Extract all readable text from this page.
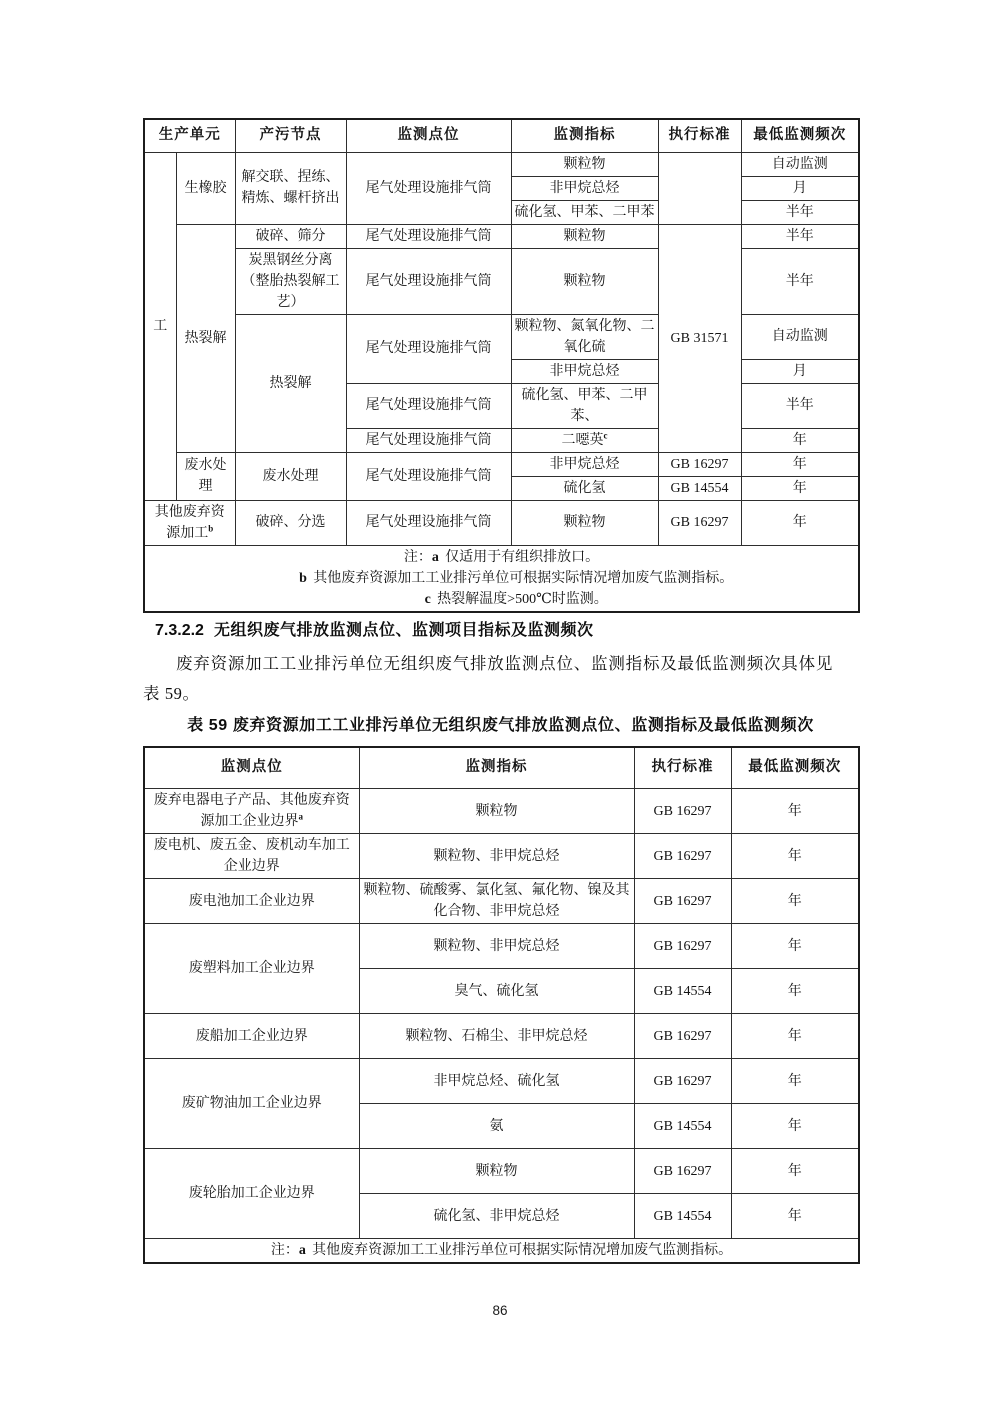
生产单元		产污节点	监测点位	监测指标	执行标准	最低监测频次
工	生橡胶	解交联、捏练、精炼、螺杆挤出	尾气处理设施排气筒	颗粒物		自动监测
				非甲烷总烃		月
				硫化氢、甲苯、二甲苯		半年
	热裂解	破碎、筛分	尾气处理设施排气筒	颗粒物	GB 31571	半年
		炭黑钢丝分离（整胎热裂解工艺）	尾气处理设施排气筒	颗粒物		半年
		热裂解	尾气处理设施排气筒	颗粒物、氮氧化物、二氧化硫		自动监测
				非甲烷总烃		月
			尾气处理设施排气筒	硫化氢、甲苯、二甲苯、		半年
			尾气处理设施排气筒	二噁英$^c$		年
	废水处理	废水处理	尾气处理设施排气筒	非甲烷总烃	GB 16297	年
				硫化氢	GB 14554	年
其他废弃资源加工$^b$		破碎、分选	尾气处理设施排气筒	颗粒物	GB 16297	年

注：a 仅适用于有组织排放口。
b 其他废弃资源加工工业排污单位可根据实际情况增加废气监测指标。
c 热裂解温度>500℃时监测。						
7.3.2.2 无组织废气排放监测点位、监测项目指标及监测频次
废弃资源加工工业排污单位无组织废气排放监测点位、监测指标及最低监测频次具体见表 59。
表 59 废弃资源加工工业排污单位无组织废气排放监测点位、监测指标及最低监测频次
监测点位	监测指标	执行标准	最低监测频次
废弃电器电子产品、其他废弃资源加工企业边界$^a$	颗粒物	GB 16297	年
废电机、废五金、废机动车加工企业边界	颗粒物、非甲烷总烃	GB 16297	年
废电池加工企业边界	颗粒物、硫酸雾、氯化氢、氟化物、镍及其化合物、非甲烷总烃	GB 16297	年
废塑料加工企业边界	颗粒物、非甲烷总烃	GB 16297	年
	臭气、硫化氢	GB 14554	年
废船加工企业边界	颗粒物、石棉尘、非甲烷总烃	GB 16297	年
废矿物油加工企业边界	非甲烷总烃、硫化氢	GB 16297	年
	氨	GB 14554	年
废轮胎加工企业边界	颗粒物	GB 16297	年
	硫化氢、非甲烷总烃	GB 14554	年

注：a 其他废弃资源加工工业排污单位可根据实际情况增加废气监测指标。			
86
